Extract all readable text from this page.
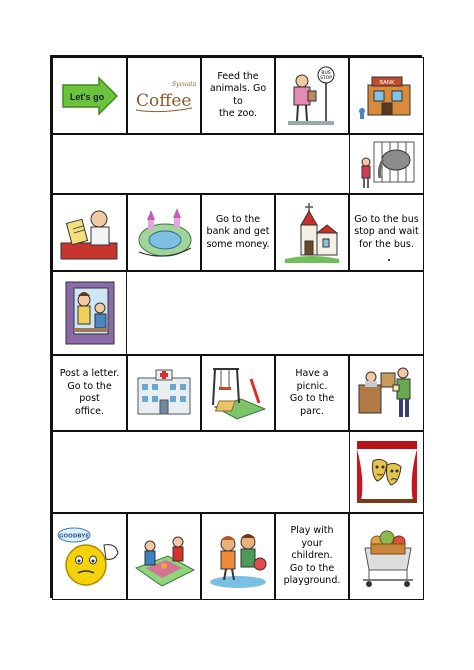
Let's go
Sycuata
Coffee
Feed the
animals. Go to
the zoo.
BUS
STOP
BANK
Go to the
bank and get
some money.
Go to the bus
stop and wait
for the bus.
Post a letter.
Go to the post
office.
Have a
picnic.
Go to the
parc.
GOODBYE	Play with
your
children.
Go to the
playground.
